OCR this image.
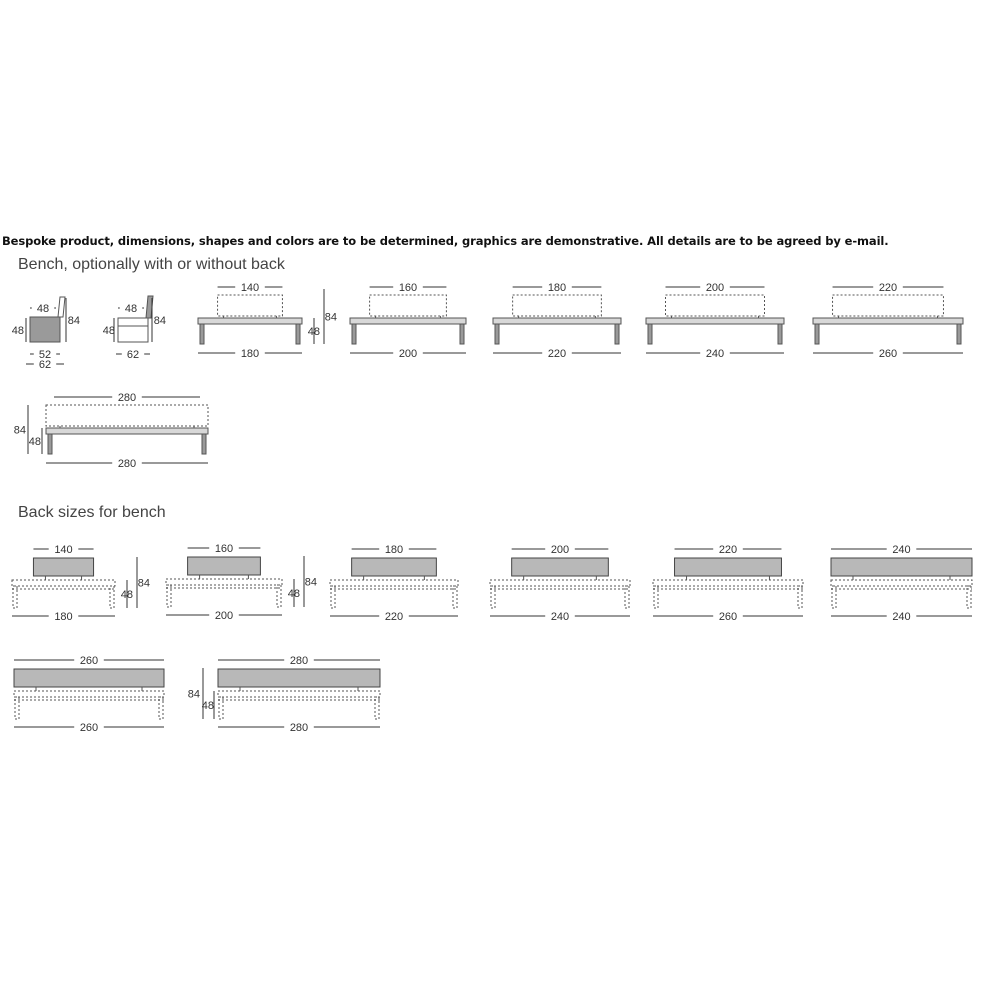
Bespoke product, dimensions, shapes and colors are to be determined, graphics are demonstrative. All details are to be agreed by e-mail.
Bench, optionally with or without back
Back sizes for bench
48
84
48
52
62
48
84
48
62
140
180
84
48
160
200
180
220
200
240
220
260
280
280
84
48
140
180
84
48
160
200
84
48
180
220
200
240
220
260
240
240
260
260
280
280
84
48
